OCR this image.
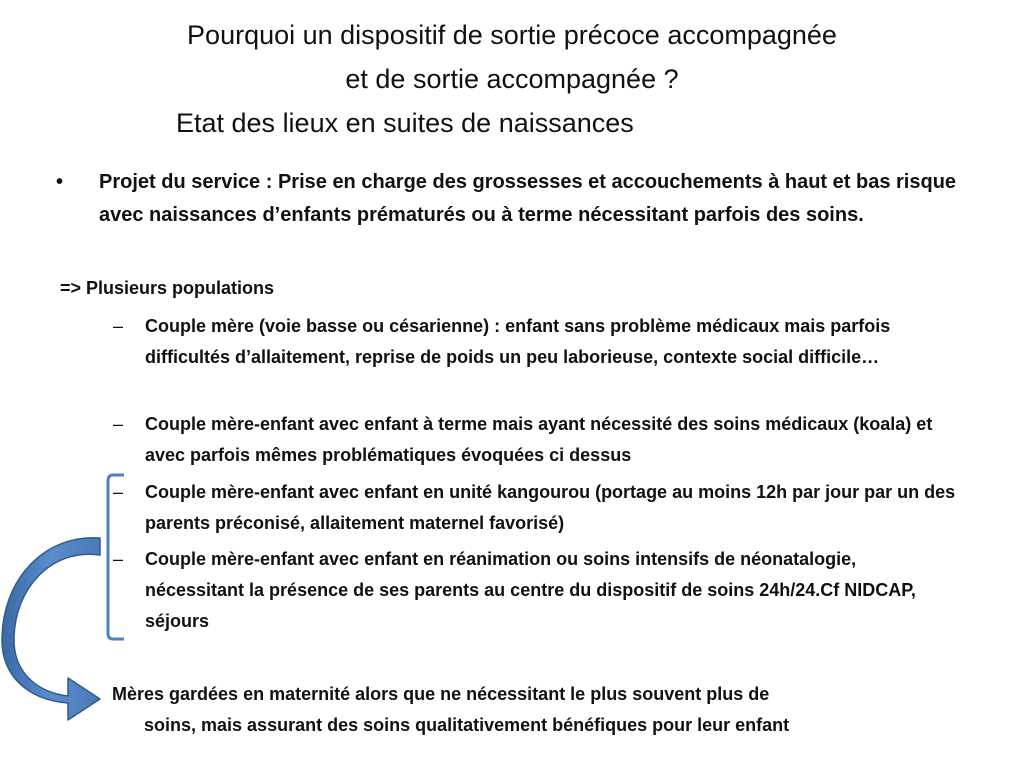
Pourquoi un dispositif de sortie précoce accompagnée
et de sortie accompagnée ?
Etat des lieux en suites de naissances
• Projet du service : Prise en charge des grossesses et accouchements à haut et bas risque avec naissances d’enfants prématurés ou à terme nécessitant parfois des soins.
=> Plusieurs populations
– Couple mère (voie basse ou césarienne) : enfant sans problème médicaux mais parfois difficultés d’allaitement, reprise de poids un peu laborieuse, contexte social difficile…
– Couple mère-enfant avec enfant à terme mais ayant nécessité des soins médicaux (koala) et avec parfois mêmes problématiques évoquées ci dessus
– Couple mère-enfant avec enfant en unité kangourou (portage au moins 12h par jour par un des parents préconisé, allaitement maternel favorisé)
– Couple mère-enfant avec enfant en réanimation ou soins intensifs de néonatalogie, nécessitant la présence de ses parents au centre du dispositif de soins 24h/24.Cf NIDCAP, séjours
Mères gardées en maternité alors que ne nécessitant le plus souvent plus de
soins, mais assurant des soins qualitativement bénéfiques pour leur enfant
